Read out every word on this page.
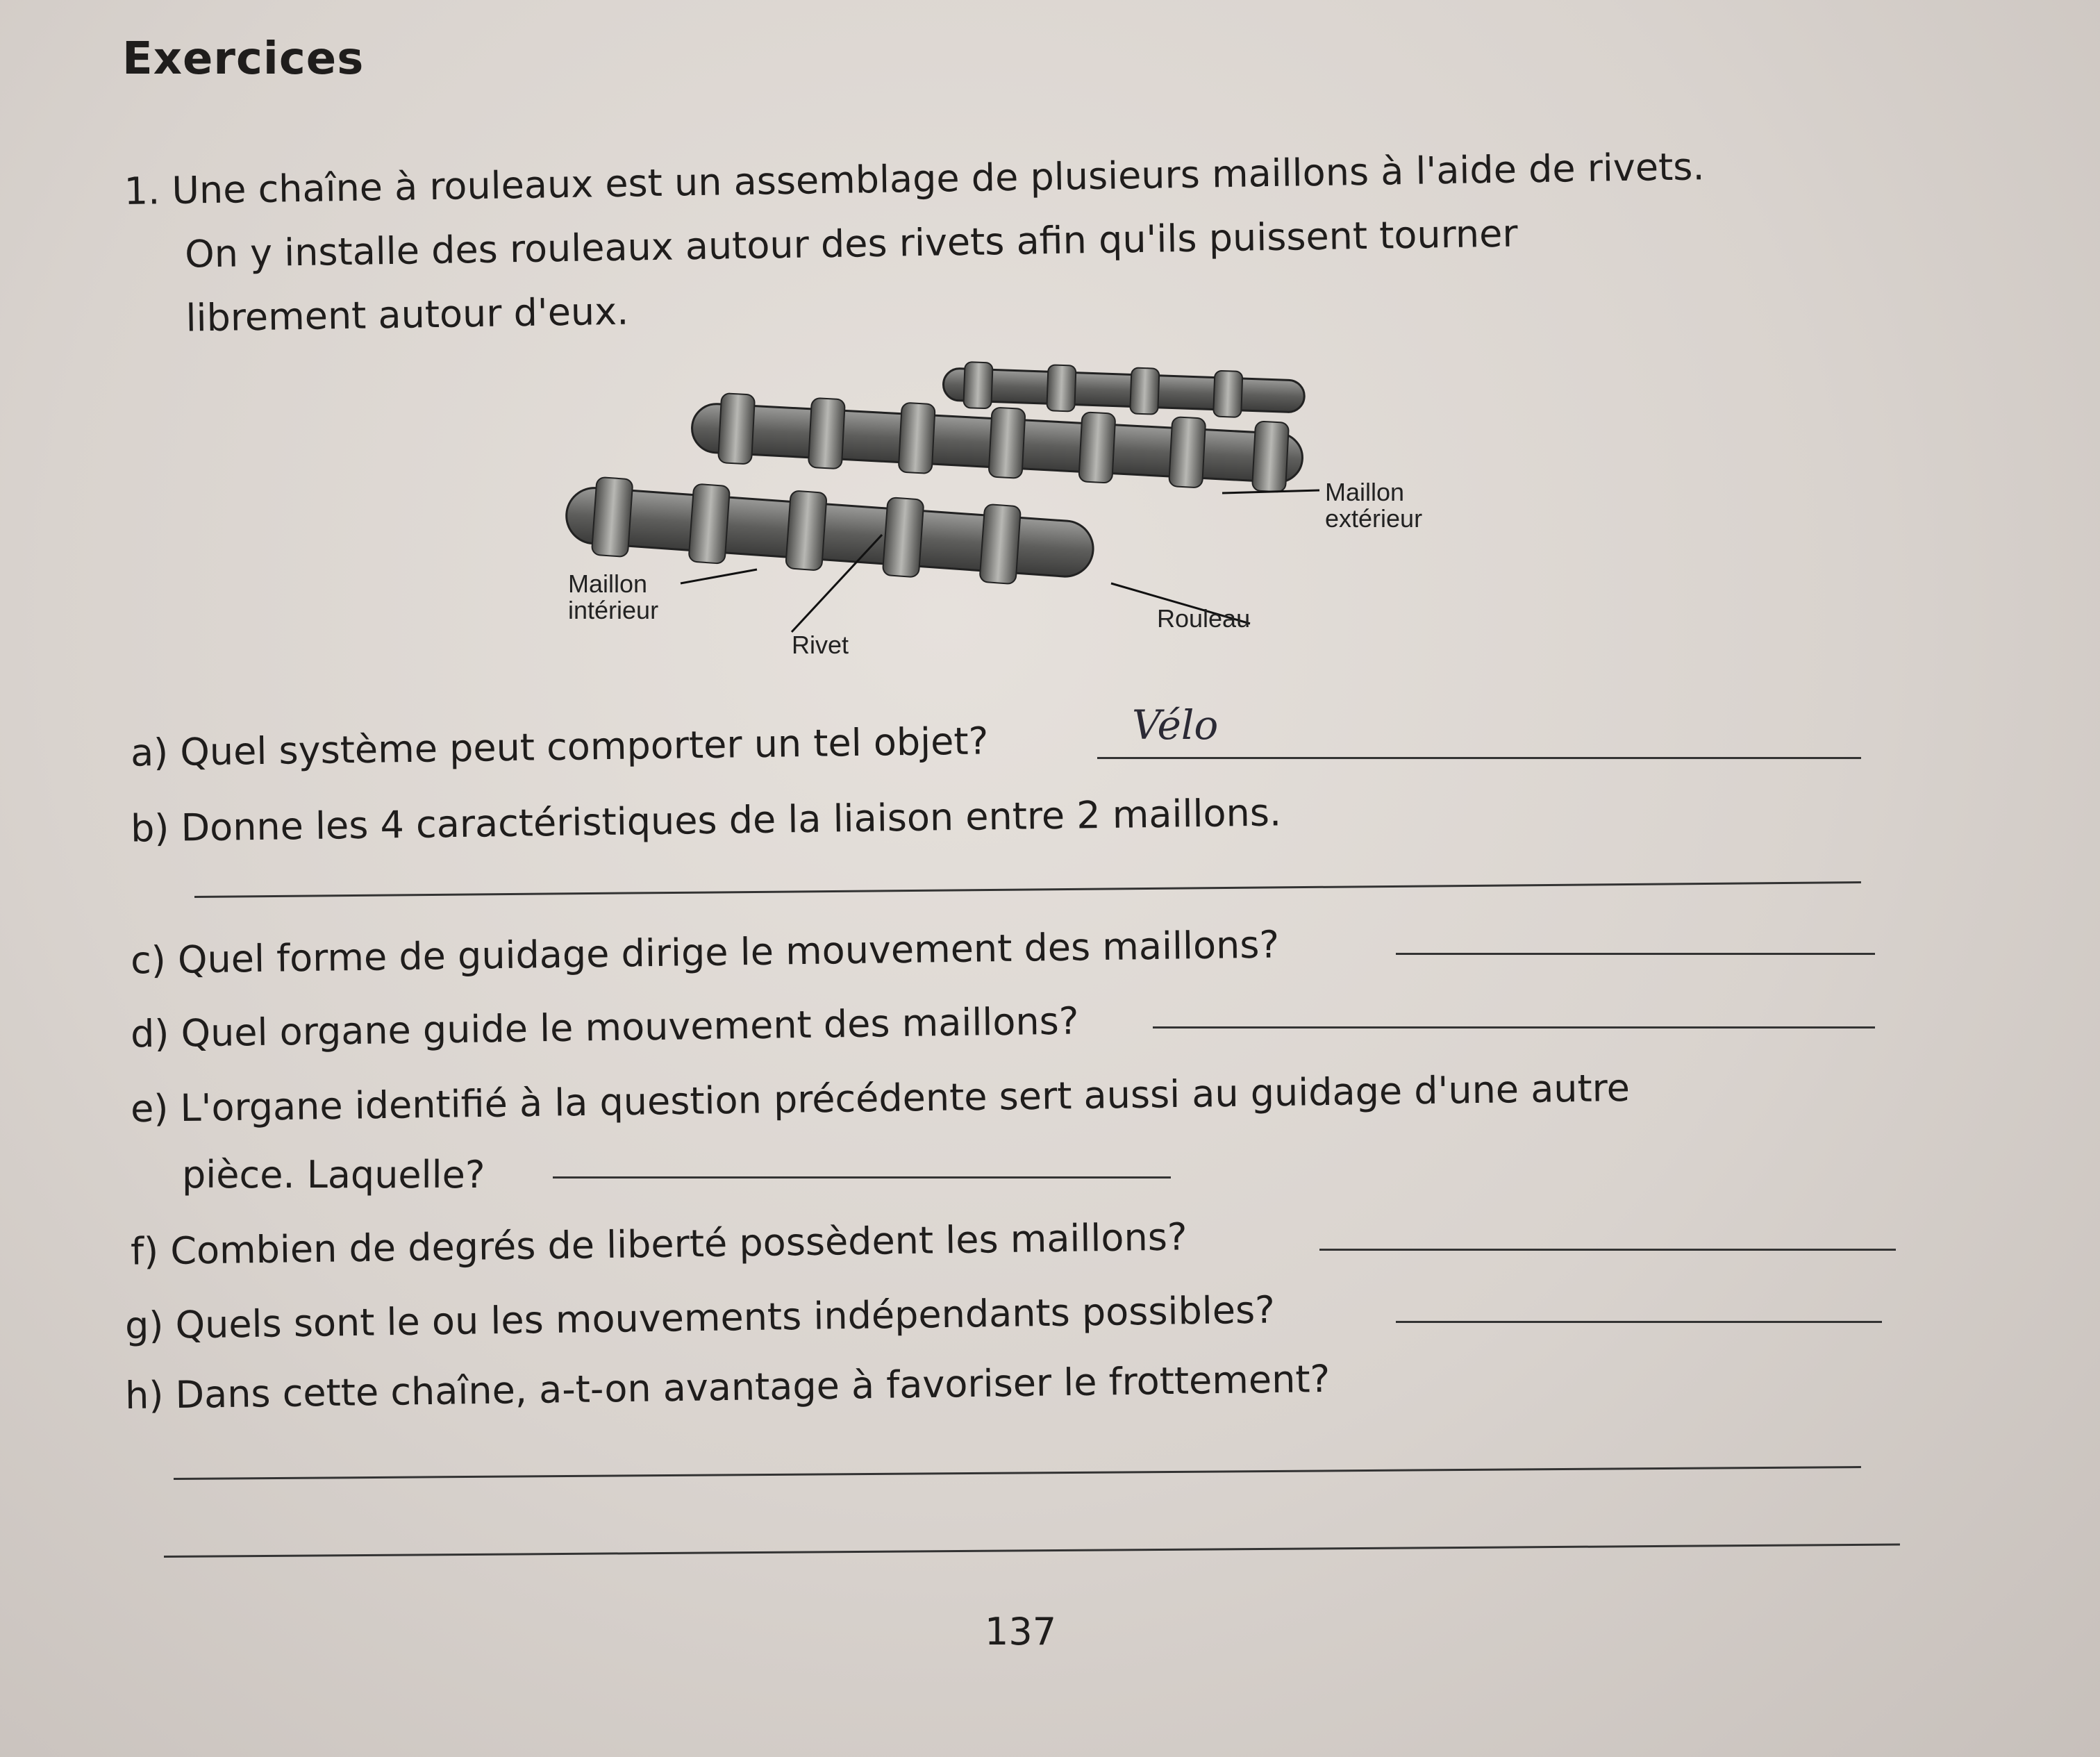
Exercices
1. Une chaîne à rouleaux est un assemblage de plusieurs maillons à l'aide de rivets.
On y installe des rouleaux autour des rivets afin qu'ils puissent tourner
librement autour d'eux.
Maillon
extérieur
Maillon
intérieur
Rivet
Rouleau
a) Quel système peut comporter un tel objet?	Vélo
b) Donne les 4 caractéristiques de la liaison entre 2 maillons.
c) Quel forme de guidage dirige le mouvement des maillons?
d) Quel organe guide le mouvement des maillons?
e) L'organe identifié à la question précédente sert aussi au guidage d'une autre
pièce. Laquelle?
f) Combien de degrés de liberté possèdent les maillons?
g) Quels sont le ou les mouvements indépendants possibles?
h) Dans cette chaîne, a-t-on avantage à favoriser le frottement?
137
